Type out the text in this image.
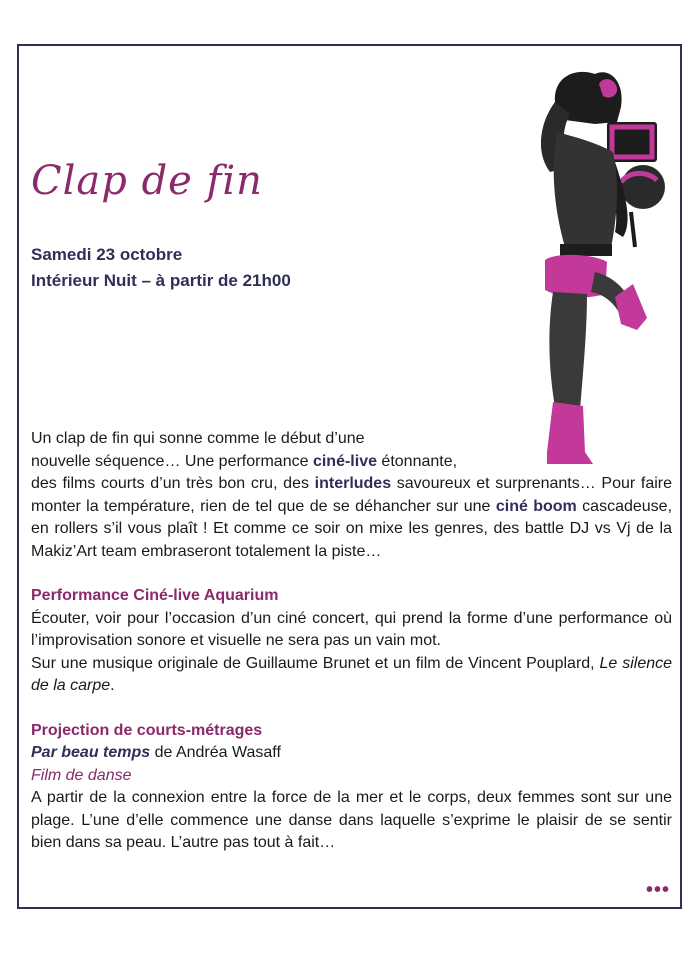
Clap de fin
Samedi 23 octobre
Intérieur Nuit – à partir de 21h00

Un clap de fin qui sonne comme le début d’une

nouvelle séquence… Une performance ciné-live étonnante,

des films courts d’un très bon cru, des interludes savoureux et surprenants… Pour faire monter la température, rien de tel que de se déhancher sur une ciné boom cascadeuse, en rollers s’il vous plaît ! Et comme ce soir on mixe les genres, des battle DJ vs Vj de la Makiz’Art team embraseront totalement la piste…

Performance Ciné-live Aquarium

Écouter, voir pour l’occasion d’un ciné concert, qui prend la forme d’une performance où l’improvisation sonore et visuelle ne sera pas un vain mot.

Sur une musique originale de Guillaume Brunet et un film de Vincent Pouplard, Le silence de la carpe.

Projection de courts-métrages

Par beau temps de Andréa Wasaff

Film de danse

A partir de la connexion entre la force de la mer et le corps, deux femmes sont sur une plage. L’une d’elle commence une danse dans laquelle s’exprime le plaisir de se sentir bien dans sa peau. L’autre pas tout à fait…

•••
